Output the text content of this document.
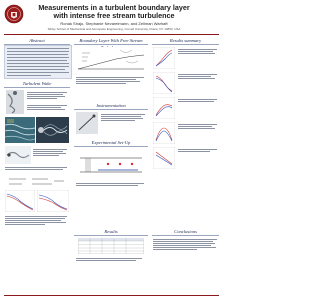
Measurements in a turbulent boundary layer with intense free stream turbulence
Ronak Shaju, Stephanie Nevarelmann, and Zellman Warhaft
Sibley School of Mechanical and Aerospace Engineering, Cornell University, Ithaca, NY 14853, USA
Abstract
Turbulent Wake
Boundary Layer With Free Stream
Instrumentation
Experimental Set-Up
Results
Results summary
Conclusions
